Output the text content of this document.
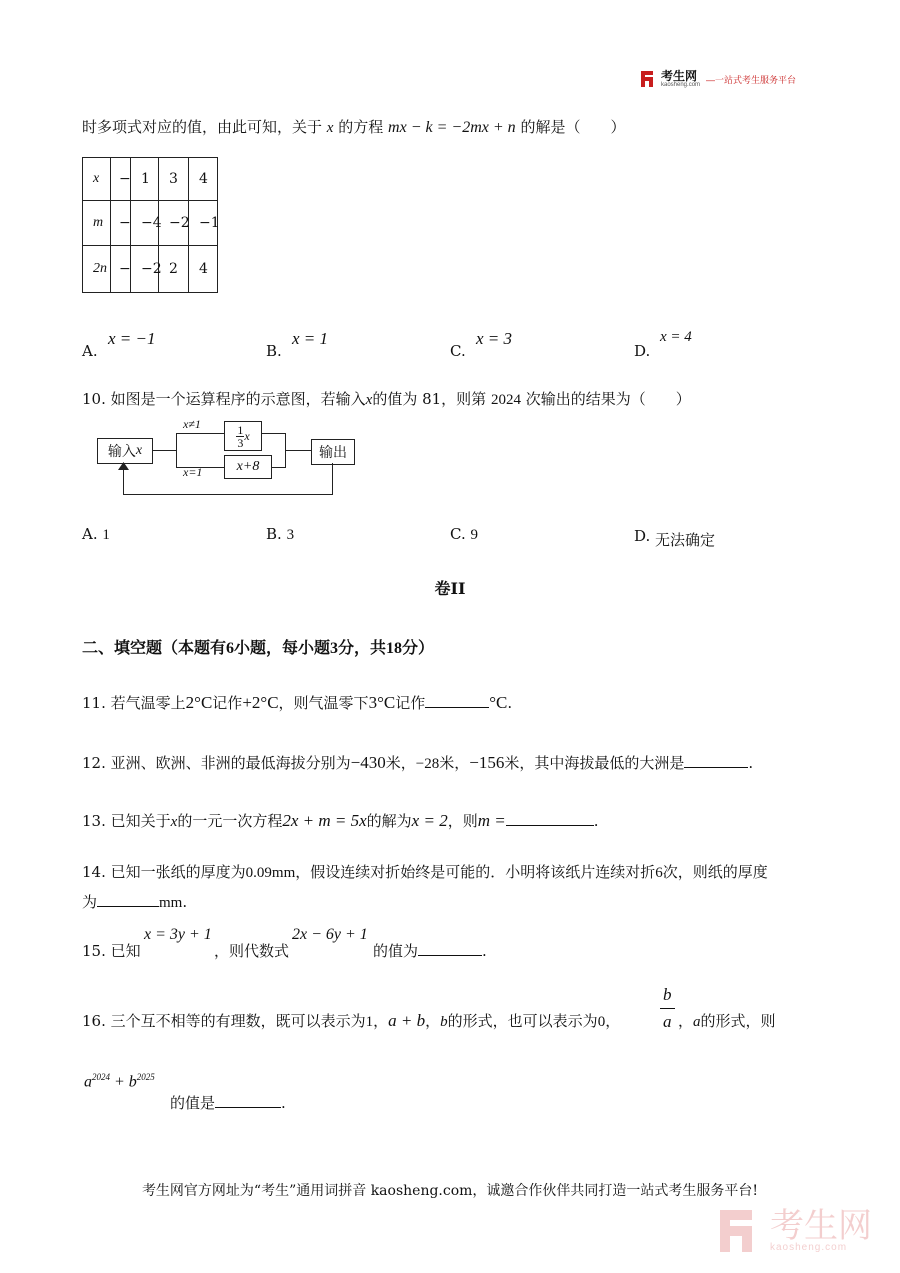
考生网
kaosheng.com
—一站式考生服务平台
时多项式对应的值，由此可知，关于 x 的方程 mx − k = −2mx + n 的解是（　　）
x	−	1	3	4
m	−	−4	−2	−1
2n	−	−2	2	4
A.
x = −1
B.
x = 1
C.
x = 3
D.
x = 4
10. 如图是一个运算程序的示意图，若输入x的值为 81，则第 2024 次输出的结果为（　　）
输入 x
x≠1
x=1
$\frac{1}{3}$ x
x+8
输出
A. 1	B. 3	C. 9	D. 无法确定
卷II
二、填空题（本题有6小题，每小题3分，共18分）
11. 若气温零上2°C记作+2°C，则气温零下3°C记作	°C.
12. 亚洲、欧洲、非洲的最低海拔分别为−430米，−28米，−156米，其中海拔最低的大洲是	.
13. 已知关于x的一元一次方程2x + m = 5x的解为x = 2，则m =	.
14. 已知一张纸的厚度为0.09mm，假设连续对折始终是可能的．小明将该纸片连续对折6次，则纸的厚度
为	mm.
15. 已知
x = 3y + 1
，则代数式
2x − 6y + 1
的值为	.
16. 三个互不相等的有理数，既可以表示为1，a + b，b的形式，也可以表示为0，
b
a ，a的形式，则
$a^{2024} + b^{2025}$
的值是	.
考生网官方网址为“考生”通用词拼音 kaosheng.com，诚邀合作伙伴共同打造一站式考生服务平台!
考生网
kaosheng.com
